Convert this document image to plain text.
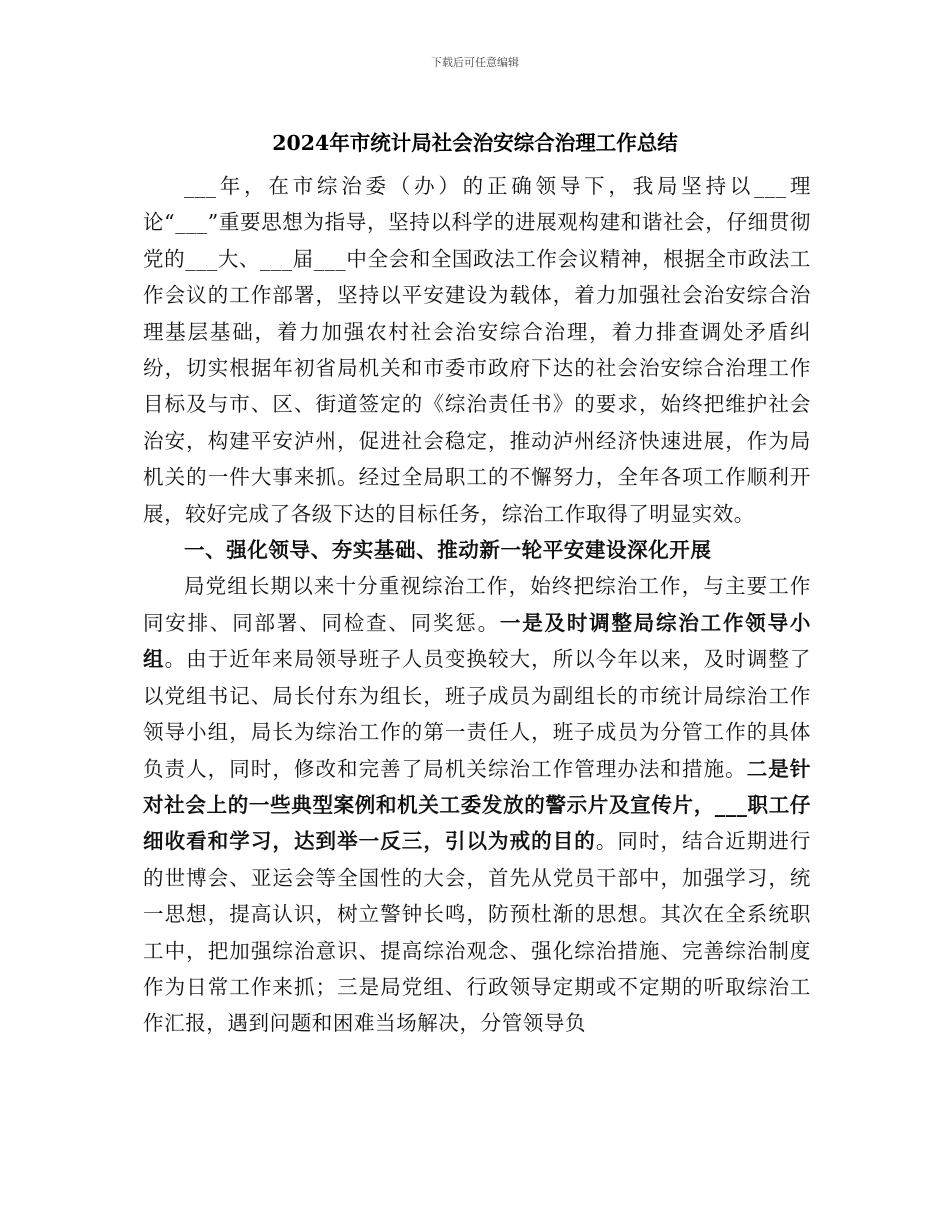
下载后可任意编辑
2024年市统计局社会治安综合治理工作总结

___年，在市综治委（办）的正确领导下，我局坚持以___理论“___”重要思想为指导，坚持以科学的进展观构建和谐社会，仔细贯彻党的___大、___届___中全会和全国政法工作会议精神，根据全市政法工作会议的工作部署，坚持以平安建设为载体，着力加强社会治安综合治理基层基础，着力加强农村社会治安综合治理，着力排查调处矛盾纠纷，切实根据年初省局机关和市委市政府下达的社会治安综合治理工作目标及与市、区、街道签定的《综治责任书》的要求，始终把维护社会治安，构建平安泸州，促进社会稳定，推动泸州经济快速进展，作为局机关的一件大事来抓。经过全局职工的不懈努力，全年各项工作顺利开展，较好完成了各级下达的目标任务，综治工作取得了明显实效。

一、强化领导、夯实基础、推动新一轮平安建设深化开展

局党组长期以来十分重视综治工作，始终把综治工作，与主要工作同安排、同部署、同检查、同奖惩。一是及时调整局综治工作领导小组。由于近年来局领导班子人员变换较大，所以今年以来，及时调整了以党组书记、局长付东为组长，班子成员为副组长的市统计局综治工作领导小组，局长为综治工作的第一责任人，班子成员为分管工作的具体负责人，同时，修改和完善了局机关综治工作管理办法和措施。二是针对社会上的一些典型案例和机关工委发放的警示片及宣传片，___职工仔细收看和学习，达到举一反三，引以为戒的目的。同时，结合近期进行的世博会、亚运会等全国性的大会，首先从党员干部中，加强学习，统一思想，提高认识，树立警钟长鸣，防预杜渐的思想。其次在全系统职工中，把加强综治意识、提高综治观念、强化综治措施、完善综治制度作为日常工作来抓；三是局党组、行政领导定期或不定期的听取综治工作汇报，遇到问题和困难当场解决，分管领导负
